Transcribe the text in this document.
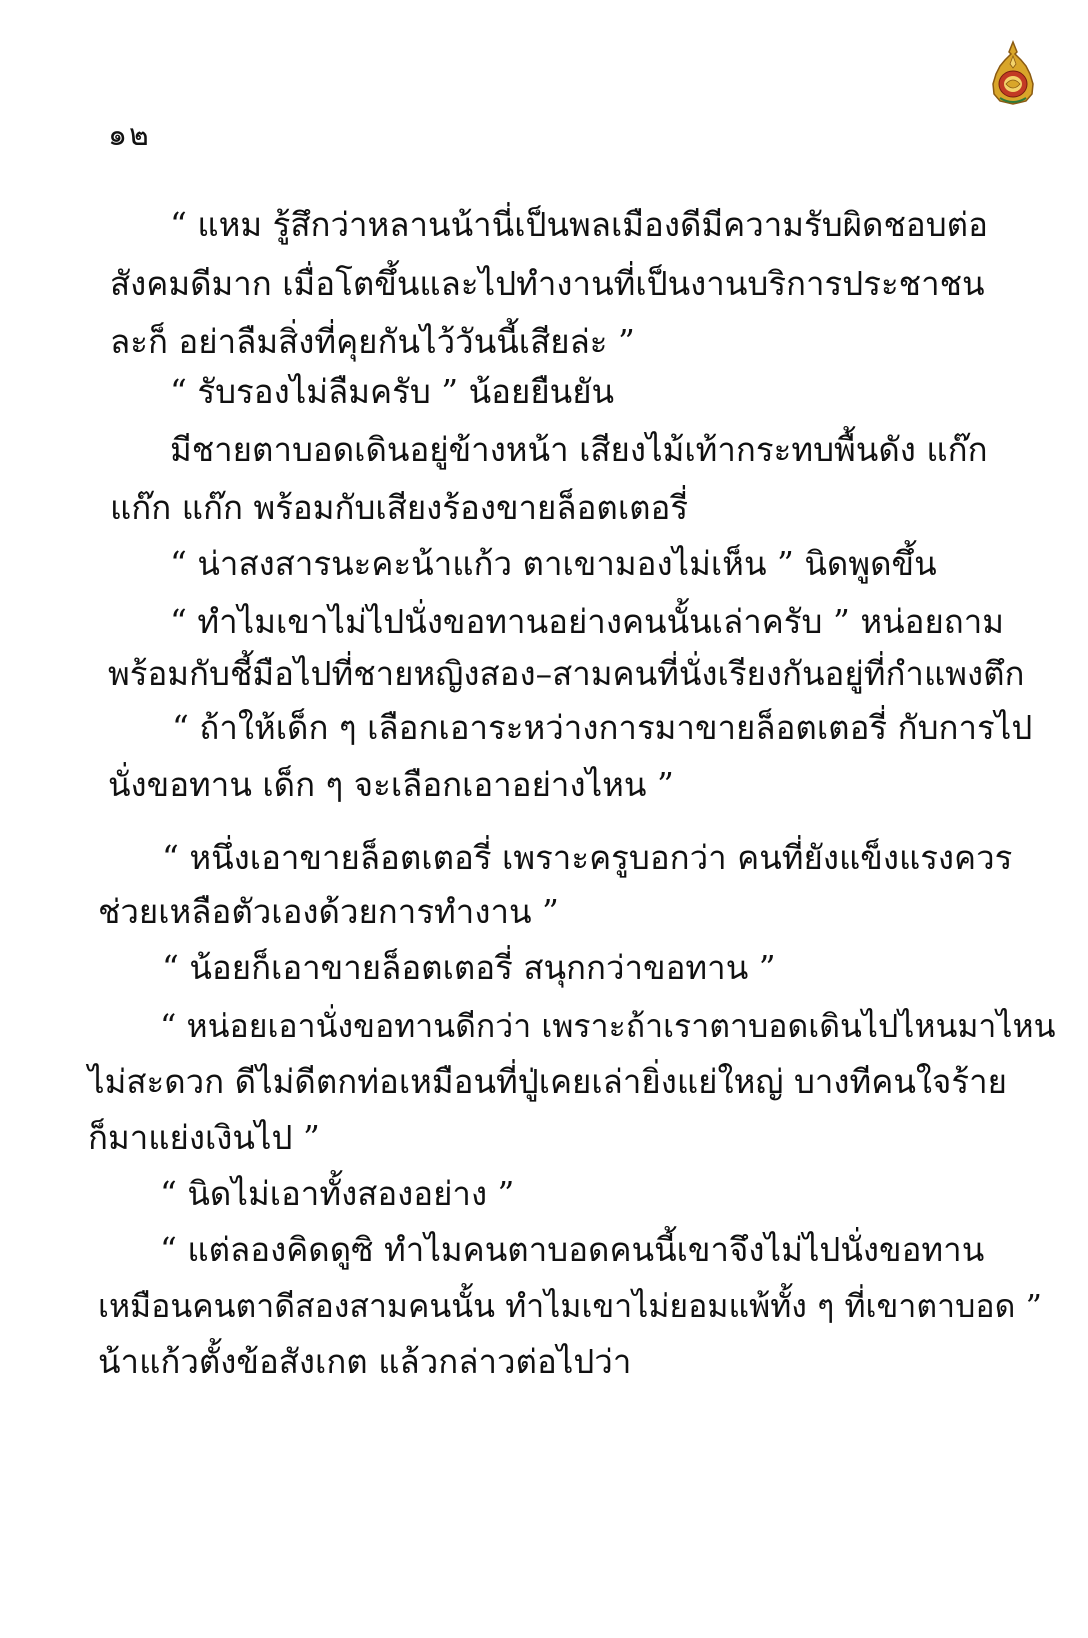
๑๒
“ แหม รู้สึกว่าหลานน้านี่เป็นพลเมืองดีมีความรับผิดชอบต่อ
สังคมดีมาก เมื่อโตขึ้นและไปทำงานที่เป็นงานบริการประชาชน
ละก็ อย่าลืมสิ่งที่คุยกันไว้วันนี้เสียล่ะ ”
“ รับรองไม่ลืมครับ ” น้อยยืนยัน
มีชายตาบอดเดินอยู่ข้างหน้า เสียงไม้เท้ากระทบพื้นดัง แก๊ก
แก๊ก แก๊ก พร้อมกับเสียงร้องขายล็อตเตอรี่
“ น่าสงสารนะคะน้าแก้ว ตาเขามองไม่เห็น ” นิดพูดขึ้น
“ ทำไมเขาไม่ไปนั่งขอทานอย่างคนนั้นเล่าครับ ” หน่อยถาม
พร้อมกับชี้มือไปที่ชายหญิงสอง–สามคนที่นั่งเรียงกันอยู่ที่กำแพงตึก
“ ถ้าให้เด็ก ๆ เลือกเอาระหว่างการมาขายล็อตเตอรี่ กับการไป
นั่งขอทาน เด็ก ๆ จะเลือกเอาอย่างไหน ”
“ หนึ่งเอาขายล็อตเตอรี่ เพราะครูบอกว่า คนที่ยังแข็งแรงควร
ช่วยเหลือตัวเองด้วยการทำงาน ”
“ น้อยก็เอาขายล็อตเตอรี่ สนุกกว่าขอทาน ”
“ หน่อยเอานั่งขอทานดีกว่า เพราะถ้าเราตาบอดเดินไปไหนมาไหน
ไม่สะดวก ดีไม่ดีตกท่อเหมือนที่ปู่เคยเล่ายิ่งแย่ใหญ่ บางทีคนใจร้าย
ก็มาแย่งเงินไป ”
“ นิดไม่เอาทั้งสองอย่าง ”
“ แต่ลองคิดดูซิ ทำไมคนตาบอดคนนี้เขาจึงไม่ไปนั่งขอทาน
เหมือนคนตาดีสองสามคนนั้น ทำไมเขาไม่ยอมแพ้ทั้ง ๆ ที่เขาตาบอด ”
น้าแก้วตั้งข้อสังเกต แล้วกล่าวต่อไปว่า
